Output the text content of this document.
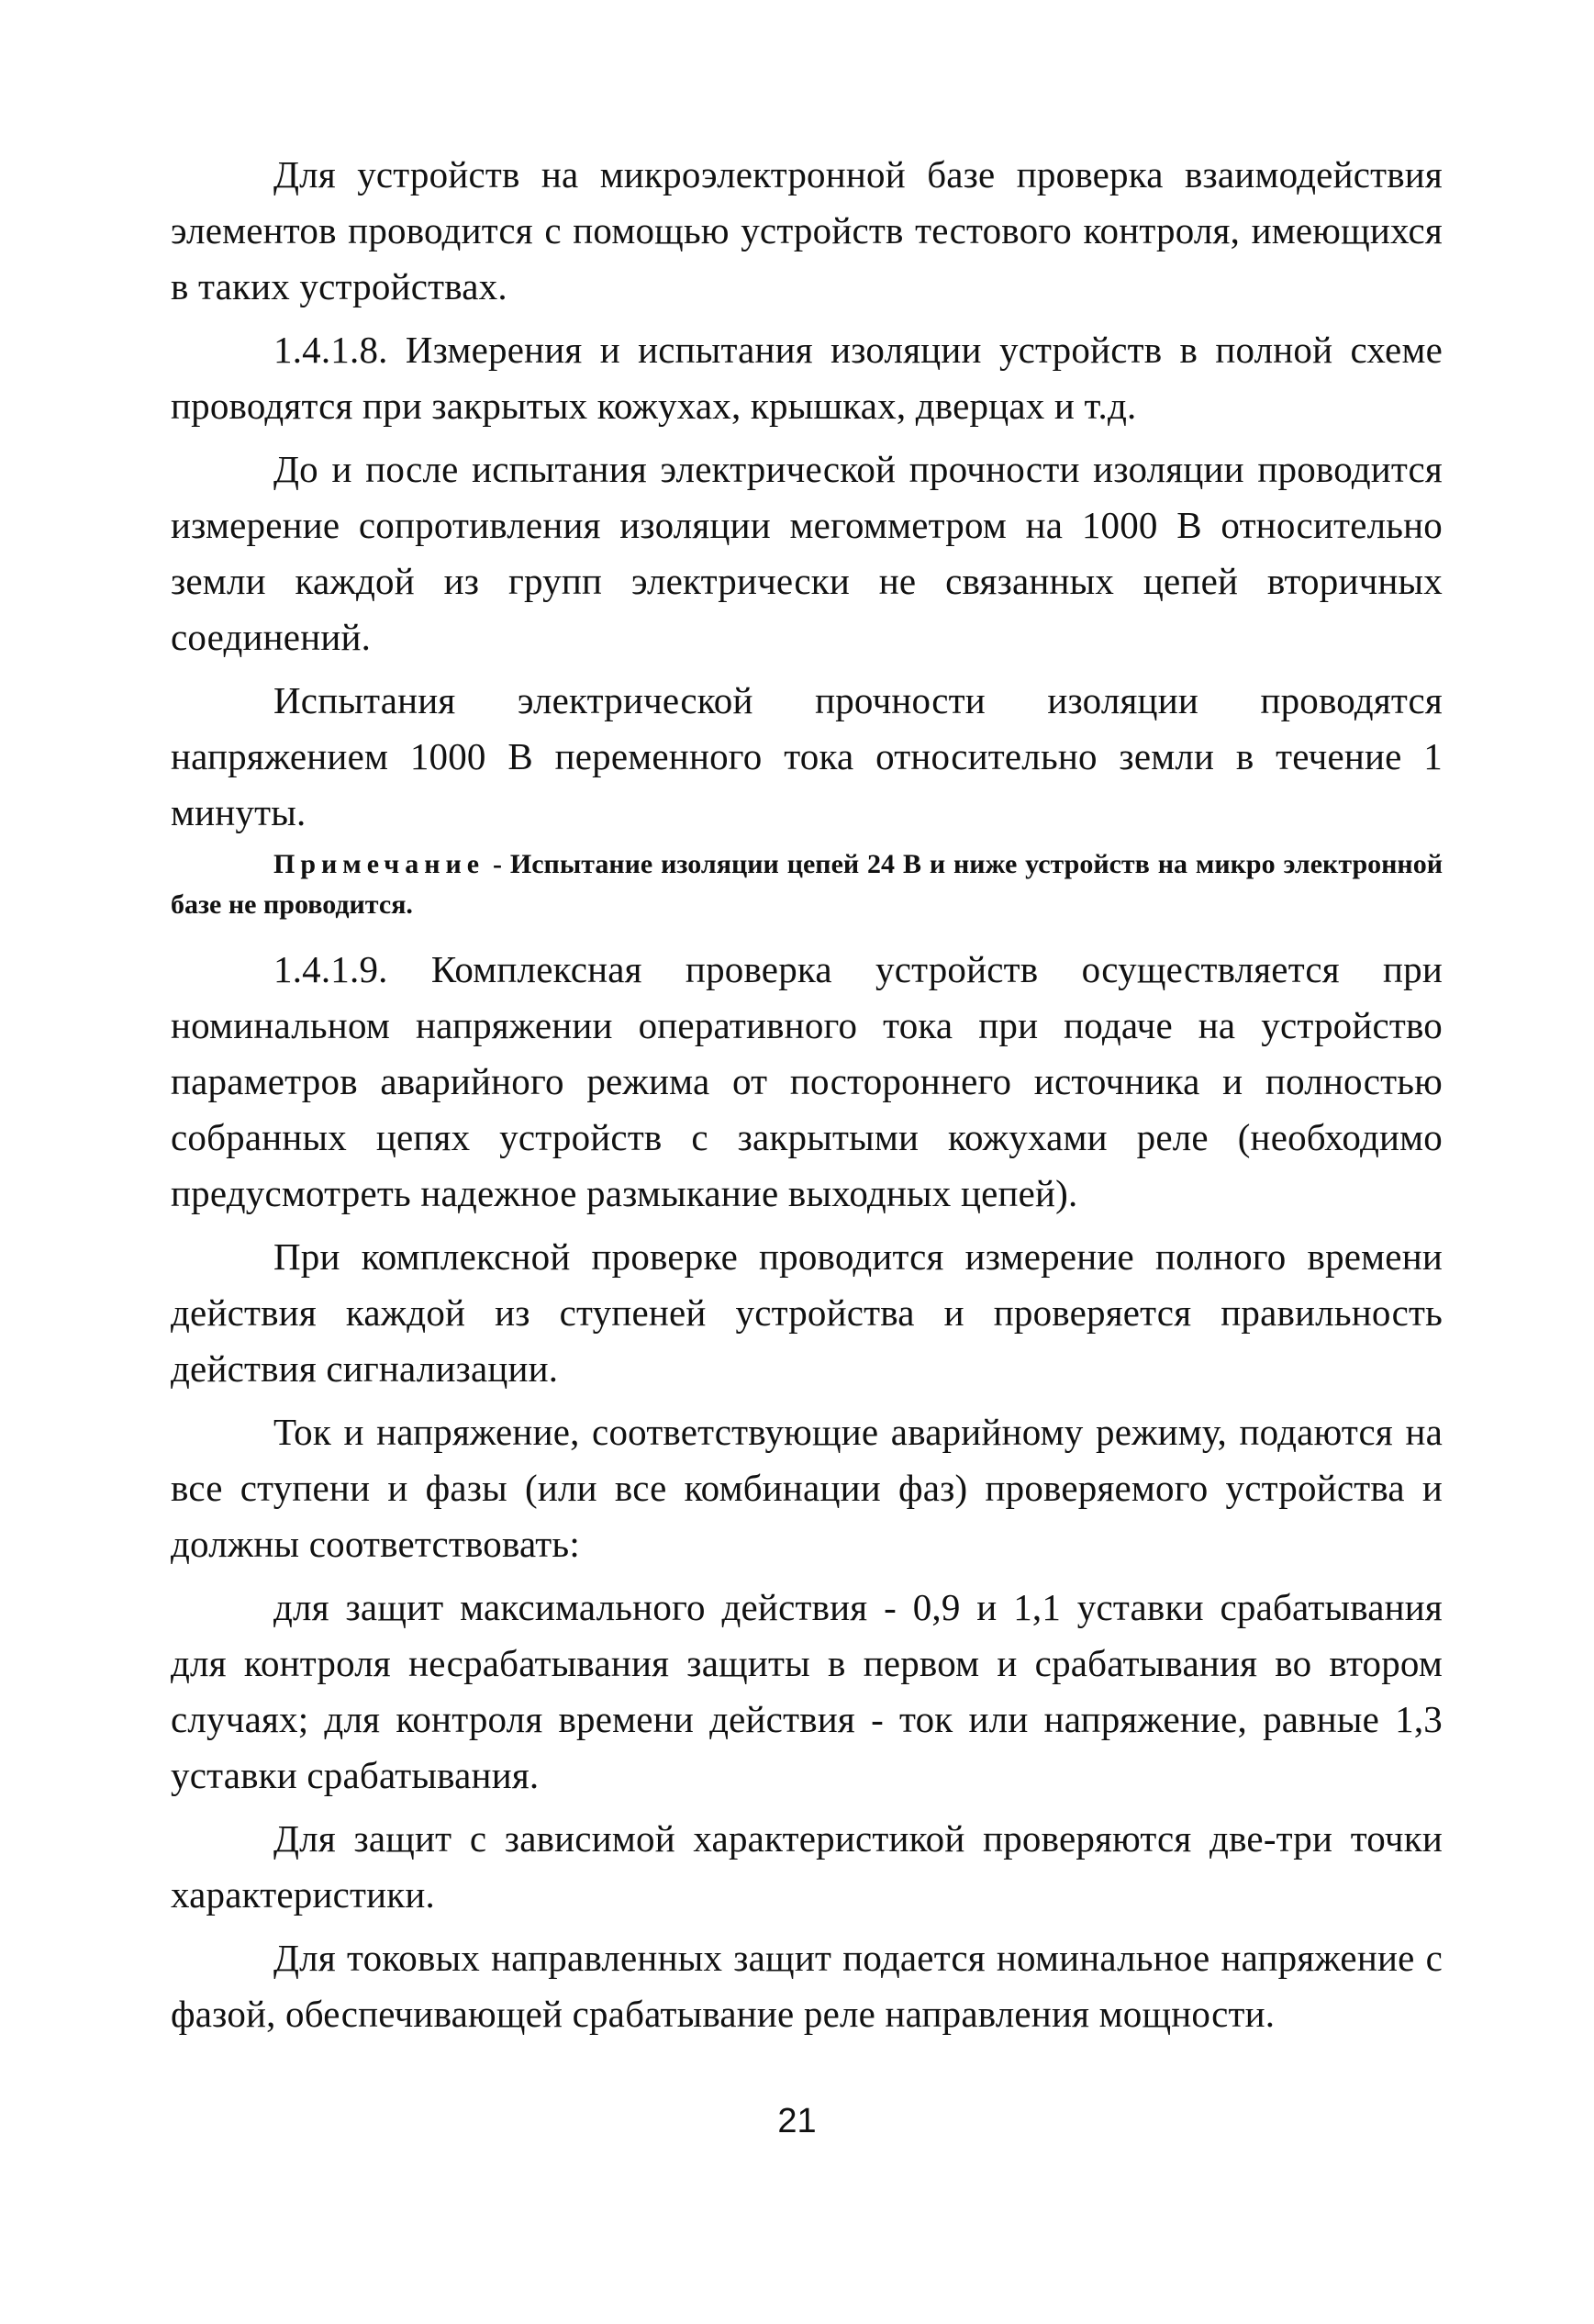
Для устройств на микроэлектронной базе проверка взаимодействия элементов проводится с помощью устройств тестового контроля, имеющихся в таких устройствах.

1.4.1.8. Измерения и испытания изоляции устройств в полной схеме проводятся при закрытых кожухах, крышках, дверцах и т.д.

До и после испытания электрической прочности изоляции проводится измерение сопротивления изоляции мегомметром на 1000 В относительно земли каждой из групп электрически не связанных цепей вторичных соединений.

Испытания электрической прочности изоляции проводятся напряжением 1000 В переменного тока относительно земли в течение 1 минуты.

Примечание - Испытание изоляции цепей 24 В и ниже устройств на микро электронной базе не проводится.

1.4.1.9. Комплексная проверка устройств осуществляется при номинальном напряжении оперативного тока при подаче на устройство параметров аварийного режима от постороннего источника и полностью собранных цепях устройств с закрытыми кожухами реле (необходимо предусмотреть надежное размыкание выходных цепей).

При комплексной проверке проводится измерение полного времени действия каждой из ступеней устройства и проверяется правильность действия сигнализации.

Ток и напряжение, соответствующие аварийному режиму, подаются на все ступени и фазы (или все комбинации фаз) проверяемого устройства и должны соответствовать:

для защит максимального действия - 0,9 и 1,1 уставки срабатывания для контроля несрабатывания защиты в первом и срабатывания во втором случаях; для контроля времени действия - ток или напряжение, равные 1,3 уставки срабатывания.

Для защит с зависимой характеристикой проверяются две-три точки характеристики.

Для токовых направленных защит подается номинальное напряжение с фазой, обеспечивающей срабатывание реле направления мощности.

21
